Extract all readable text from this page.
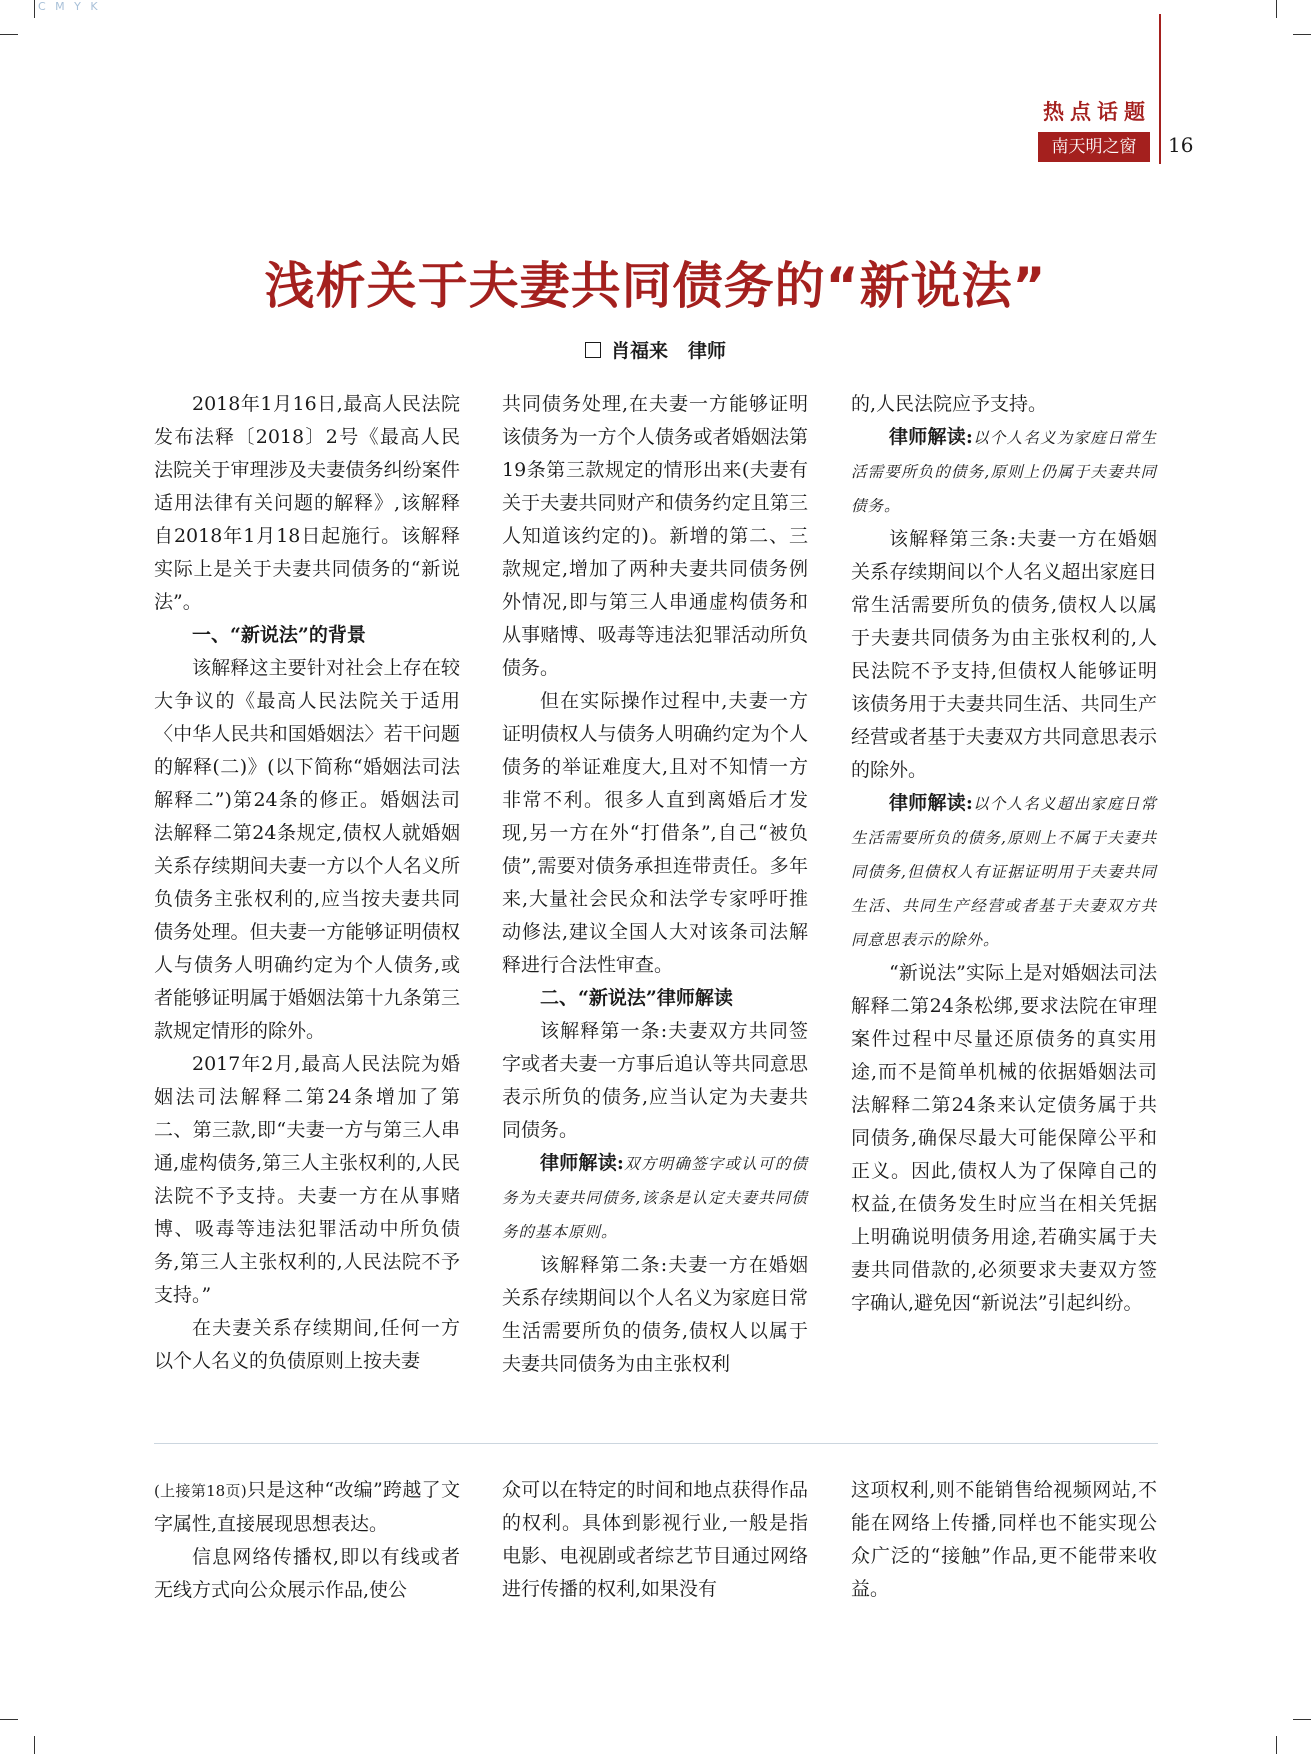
C M Y K
热点话题
南天明之窗	16
浅析关于夫妻共同债务的“新说法”
肖福来 律师

2018年1月16日,最高人民法院发布法释〔2018〕2号《最高人民法院关于审理涉及夫妻债务纠纷案件适用法律有关问题的解释》,该解释自2018年1月18日起施行。该解释实际上是关于夫妻共同债务的“新说法”。

一、“新说法”的背景

该解释这主要针对社会上存在较大争议的《最高人民法院关于适用〈中华人民共和国婚姻法〉若干问题的解释(二)》(以下简称“婚姻法司法解释二”)第24条的修正。婚姻法司法解释二第24条规定,债权人就婚姻关系存续期间夫妻一方以个人名义所负债务主张权利的,应当按夫妻共同债务处理。但夫妻一方能够证明债权人与债务人明确约定为个人债务,或者能够证明属于婚姻法第十九条第三款规定情形的除外。

2017年2月,最高人民法院为婚姻法司法解释二第24条增加了第二、第三款,即“夫妻一方与第三人串通,虚构债务,第三人主张权利的,人民法院不予支持。夫妻一方在从事赌博、吸毒等违法犯罪活动中所负债务,第三人主张权利的,人民法院不予支持。”

在夫妻关系存续期间,任何一方以个人名义的负债原则上按夫妻

共同债务处理,在夫妻一方能够证明该债务为一方个人债务或者婚姻法第19条第三款规定的情形出来(夫妻有关于夫妻共同财产和债务约定且第三人知道该约定的)。新增的第二、三款规定,增加了两种夫妻共同债务例外情况,即与第三人串通虚构债务和从事赌博、吸毒等违法犯罪活动所负债务。

但在实际操作过程中,夫妻一方证明债权人与债务人明确约定为个人债务的举证难度大,且对不知情一方非常不利。很多人直到离婚后才发现,另一方在外“打借条”,自己“被负债”,需要对债务承担连带责任。多年来,大量社会民众和法学专家呼吁推动修法,建议全国人大对该条司法解释进行合法性审查。

二、“新说法”律师解读

该解释第一条:夫妻双方共同签字或者夫妻一方事后追认等共同意思表示所负的债务,应当认定为夫妻共同债务。

律师解读:双方明确签字或认可的债务为夫妻共同债务,该条是认定夫妻共同债务的基本原则。

该解释第二条:夫妻一方在婚姻关系存续期间以个人名义为家庭日常生活需要所负的债务,债权人以属于夫妻共同债务为由主张权利

的,人民法院应予支持。

律师解读:以个人名义为家庭日常生活需要所负的债务,原则上仍属于夫妻共同债务。

该解释第三条:夫妻一方在婚姻关系存续期间以个人名义超出家庭日常生活需要所负的债务,债权人以属于夫妻共同债务为由主张权利的,人民法院不予支持,但债权人能够证明该债务用于夫妻共同生活、共同生产经营或者基于夫妻双方共同意思表示的除外。

律师解读:以个人名义超出家庭日常生活需要所负的债务,原则上不属于夫妻共同债务,但债权人有证据证明用于夫妻共同生活、共同生产经营或者基于夫妻双方共同意思表示的除外。

“新说法”实际上是对婚姻法司法解释二第24条松绑,要求法院在审理案件过程中尽量还原债务的真实用途,而不是简单机械的依据婚姻法司法解释二第24条来认定债务属于共同债务,确保尽最大可能保障公平和正义。因此,债权人为了保障自己的权益,在债务发生时应当在相关凭据上明确说明债务用途,若确实属于夫妻共同借款的,必须要求夫妻双方签字确认,避免因“新说法”引起纠纷。

(上接第18页)只是这种“改编”跨越了文字属性,直接展现思想表达。

信息网络传播权,即以有线或者无线方式向公众展示作品,使公

众可以在特定的时间和地点获得作品的权利。具体到影视行业,一般是指电影、电视剧或者综艺节目通过网络进行传播的权利,如果没有

这项权利,则不能销售给视频网站,不能在网络上传播,同样也不能实现公众广泛的“接触”作品,更不能带来收益。
